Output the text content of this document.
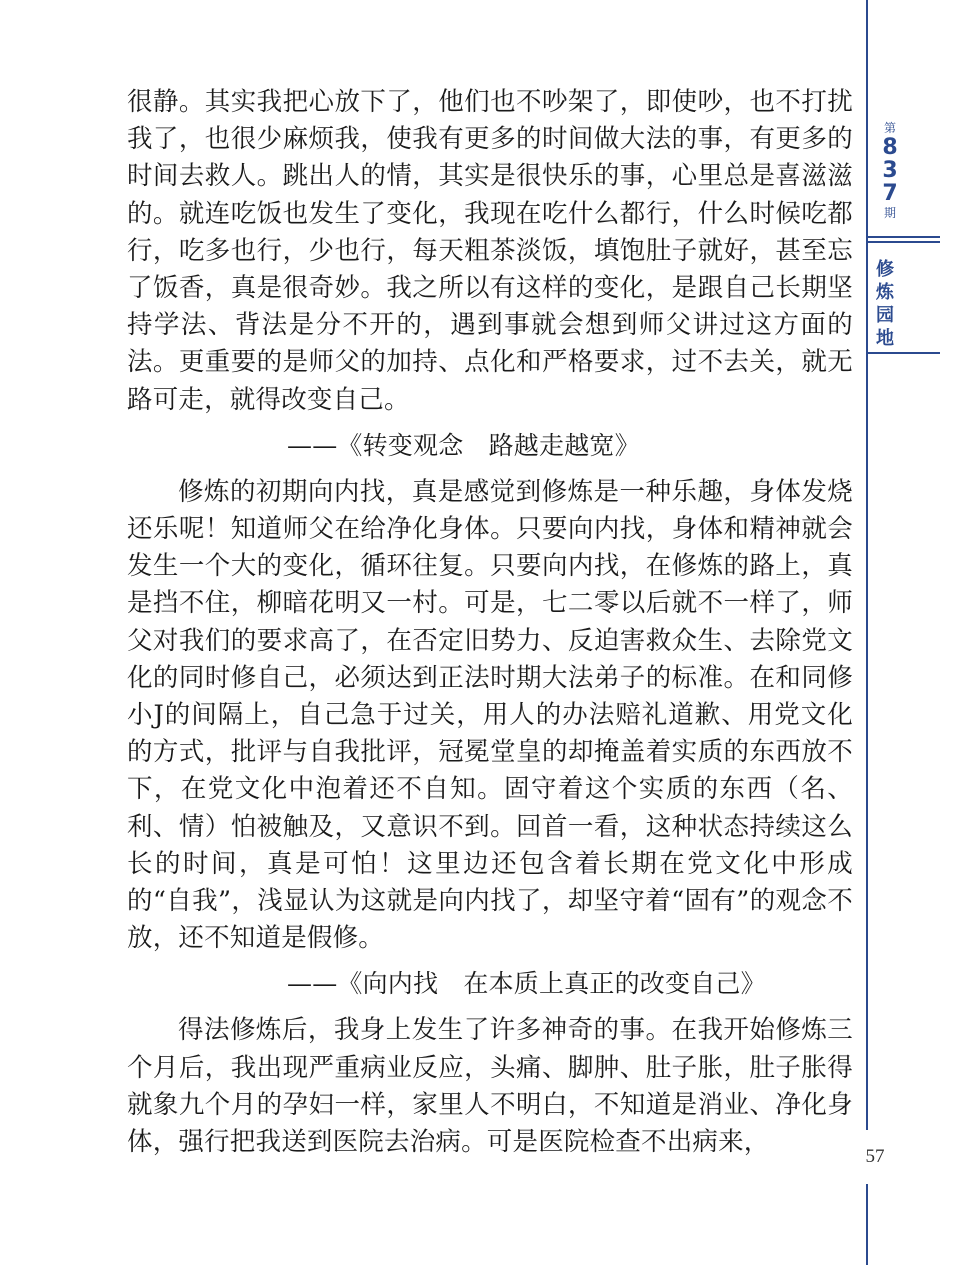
第
8
3
7
期
修
炼
园
地

很静。其实我把心放下了，他们也不吵架了，即使吵，也不打扰我了，也很少麻烦我，使我有更多的时间做大法的事，有更多的时间去救人。跳出人的情，其实是很快乐的事，心里总是喜滋滋的。就连吃饭也发生了变化，我现在吃什么都行，什么时候吃都行，吃多也行，少也行，每天粗茶淡饭，填饱肚子就好，甚至忘了饭香，真是很奇妙。我之所以有这样的变化，是跟自己长期坚持学法、背法是分不开的，遇到事就会想到师父讲过这方面的法。更重要的是师父的加持、点化和严格要求，过不去关，就无路可走，就得改变自己。

——《转变观念　路越走越宽》

修炼的初期向内找，真是感觉到修炼是一种乐趣，身体发烧还乐呢！知道师父在给净化身体。只要向内找，身体和精神就会发生一个大的变化，循环往复。只要向内找，在修炼的路上，真是挡不住，柳暗花明又一村。可是，七二零以后就不一样了，师父对我们的要求高了，在否定旧势力、反迫害救众生、去除党文化的同时修自己，必须达到正法时期大法弟子的标准。在和同修小J的间隔上，自己急于过关，用人的办法赔礼道歉、用党文化的方式，批评与自我批评，冠冕堂皇的却掩盖着实质的东西放不下，在党文化中泡着还不自知。固守着这个实质的东西（名、利、情）怕被触及，又意识不到。回首一看，这种状态持续这么长的时间，真是可怕！这里边还包含着长期在党文化中形成的“自我”，浅显认为这就是向内找了，却坚守着“固有”的观念不放，还不知道是假修。

——《向内找　在本质上真正的改变自己》

得法修炼后，我身上发生了许多神奇的事。在我开始修炼三个月后，我出现严重病业反应，头痛、脚肿、肚子胀，肚子胀得就象九个月的孕妇一样，家里人不明白，不知道是消业、净化身体，强行把我送到医院去治病。可是医院检查不出病来，	57
